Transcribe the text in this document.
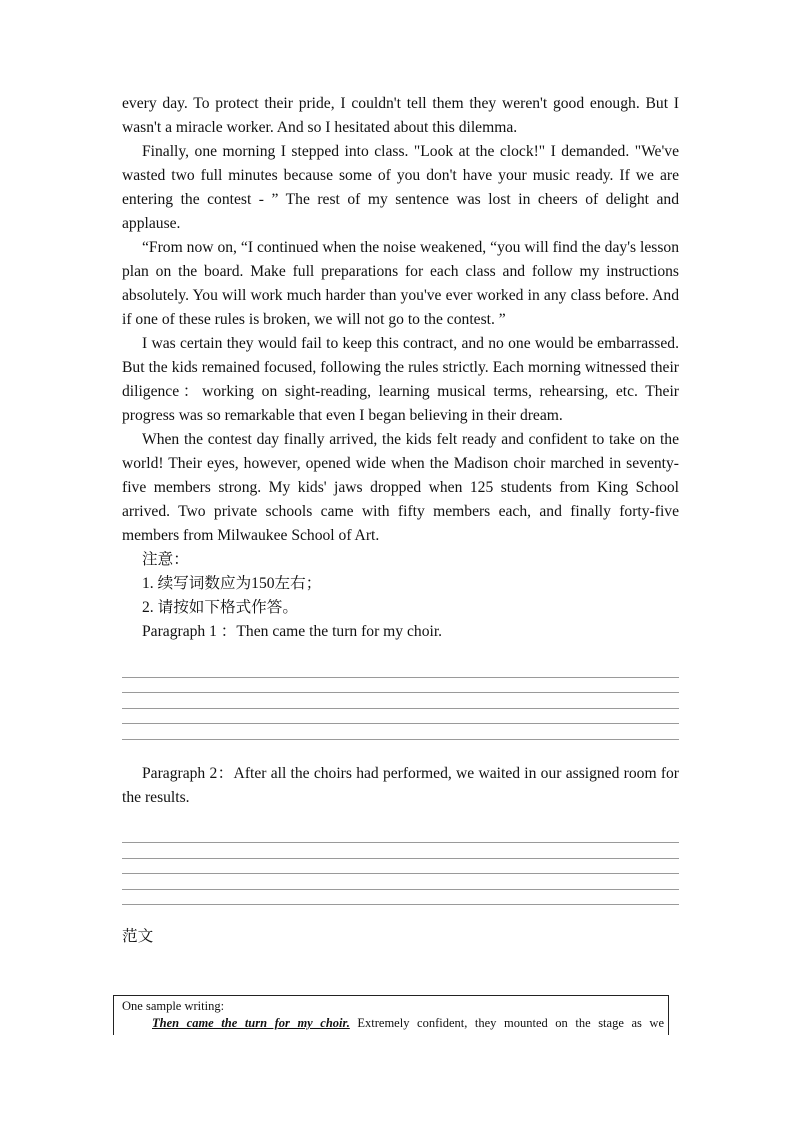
every day. To protect their pride, I couldn't tell them they weren't good enough. But I wasn't a miracle worker. And so I hesitated about this dilemma.

Finally, one morning I stepped into class. "Look at the clock!" I demanded. "We've wasted two full minutes because some of you don't have your music ready. If we are entering the contest - ” The rest of my sentence was lost in cheers of delight and applause.

“From now on, “I continued when the noise weakened, “you will find the day's lesson plan on the board. Make full preparations for each class and follow my instructions absolutely. You will work much harder than you've ever worked in any class before. And if one of these rules is broken, we will not go to the contest. ”

I was certain they would fail to keep this contract, and no one would be embarrassed. But the kids remained focused, following the rules strictly. Each morning witnessed their diligence：working on sight-reading, learning musical terms, rehearsing, etc. Their progress was so remarkable that even I began believing in their dream.

When the contest day finally arrived, the kids felt ready and confident to take on the world! Their eyes, however, opened wide when the Madison choir marched in seventy-five members strong. My kids' jaws dropped when 125 students from King School arrived. Two private schools came with fifty members each, and finally forty-five members from Milwaukee School of Art.

注意：
1. 续写词数应为150左右；
2. 请按如下格式作答。

Paragraph 1 ：Then came the turn for my choir.

Paragraph 2：After all the choirs had performed, we waited in our assigned room for the results.

范文
One sample writing:
Then came the turn for my choir. Extremely confident, they mounted on the stage as we
